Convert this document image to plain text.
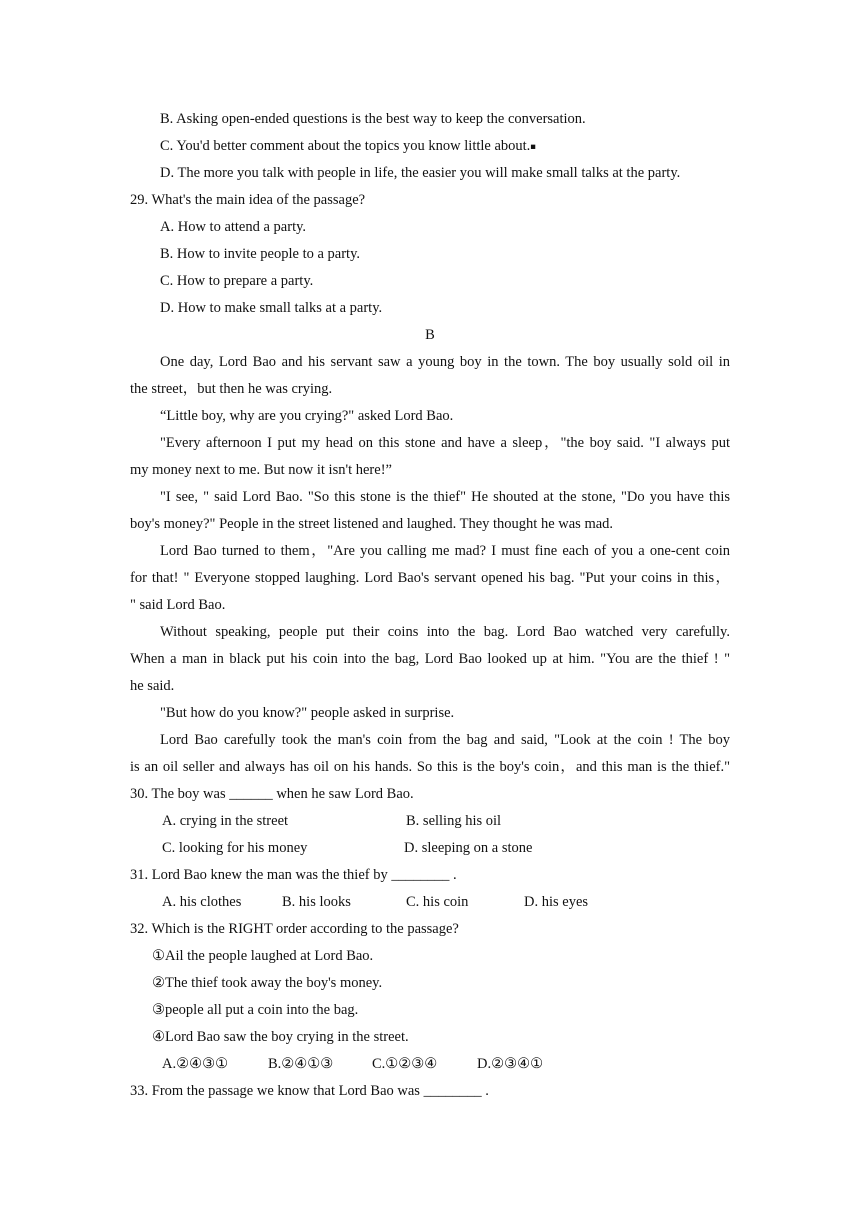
B. Asking open-ended questions is the best way to keep the conversation.
C. You'd better comment about the topics you know little about.■
D. The more you talk with people in life, the easier you will make small talks at the party.
29. What's the main idea of the passage?
A. How to attend a party.
B. How to invite people to a party.
C. How to prepare a party.
D. How to make small talks at a party.
B
One day, Lord Bao and his servant saw a young boy in the town. The boy usually sold oil in
the street，but then he was crying.
“Little boy, why are you crying?" asked Lord Bao.
"Every afternoon I put my head on this stone and have a sleep，"the boy said. "I always put
my money next to me. But now it isn't here!”
"I see, " said Lord Bao. "So this stone is the thief" He shouted at the stone, "Do you have this
boy's money?" People in the street listened and laughed. They thought he was mad.
Lord Bao turned to them，"Are you calling me mad? I must fine each of you a one-cent coin
for that! " Everyone stopped laughing. Lord Bao's servant opened his bag. "Put your coins in this，
" said Lord Bao.
Without speaking, people put their coins into the bag. Lord Bao watched very carefully.
When a man in black put his coin into the bag, Lord Bao looked up at him. "You are the thief ! "
he said.
"But how do you know?" people asked in surprise.
Lord Bao carefully took the man's coin from the bag and said, "Look at the coin ! The boy
is an oil seller and always has oil on his hands. So this is the boy's coin，and this man is the thief."
30. The boy was ______ when he saw Lord Bao.
A. crying in the street	B. selling his oil
C. looking for his money	D. sleeping on a stone
31. Lord Bao knew the man was the thief by ________ .
A. his clothes	B. his looks	C. his coin	D. his eyes
32. Which is the RIGHT order according to the passage?
①Ail the people laughed at Lord Bao.
②The thief took away the boy's money.
③people all put a coin into the bag.
④Lord Bao saw the boy crying in the street.
A.②④③①	B.②④①③	C.①②③④	D.②③④①
33. From the passage we know that Lord Bao was ________ .
